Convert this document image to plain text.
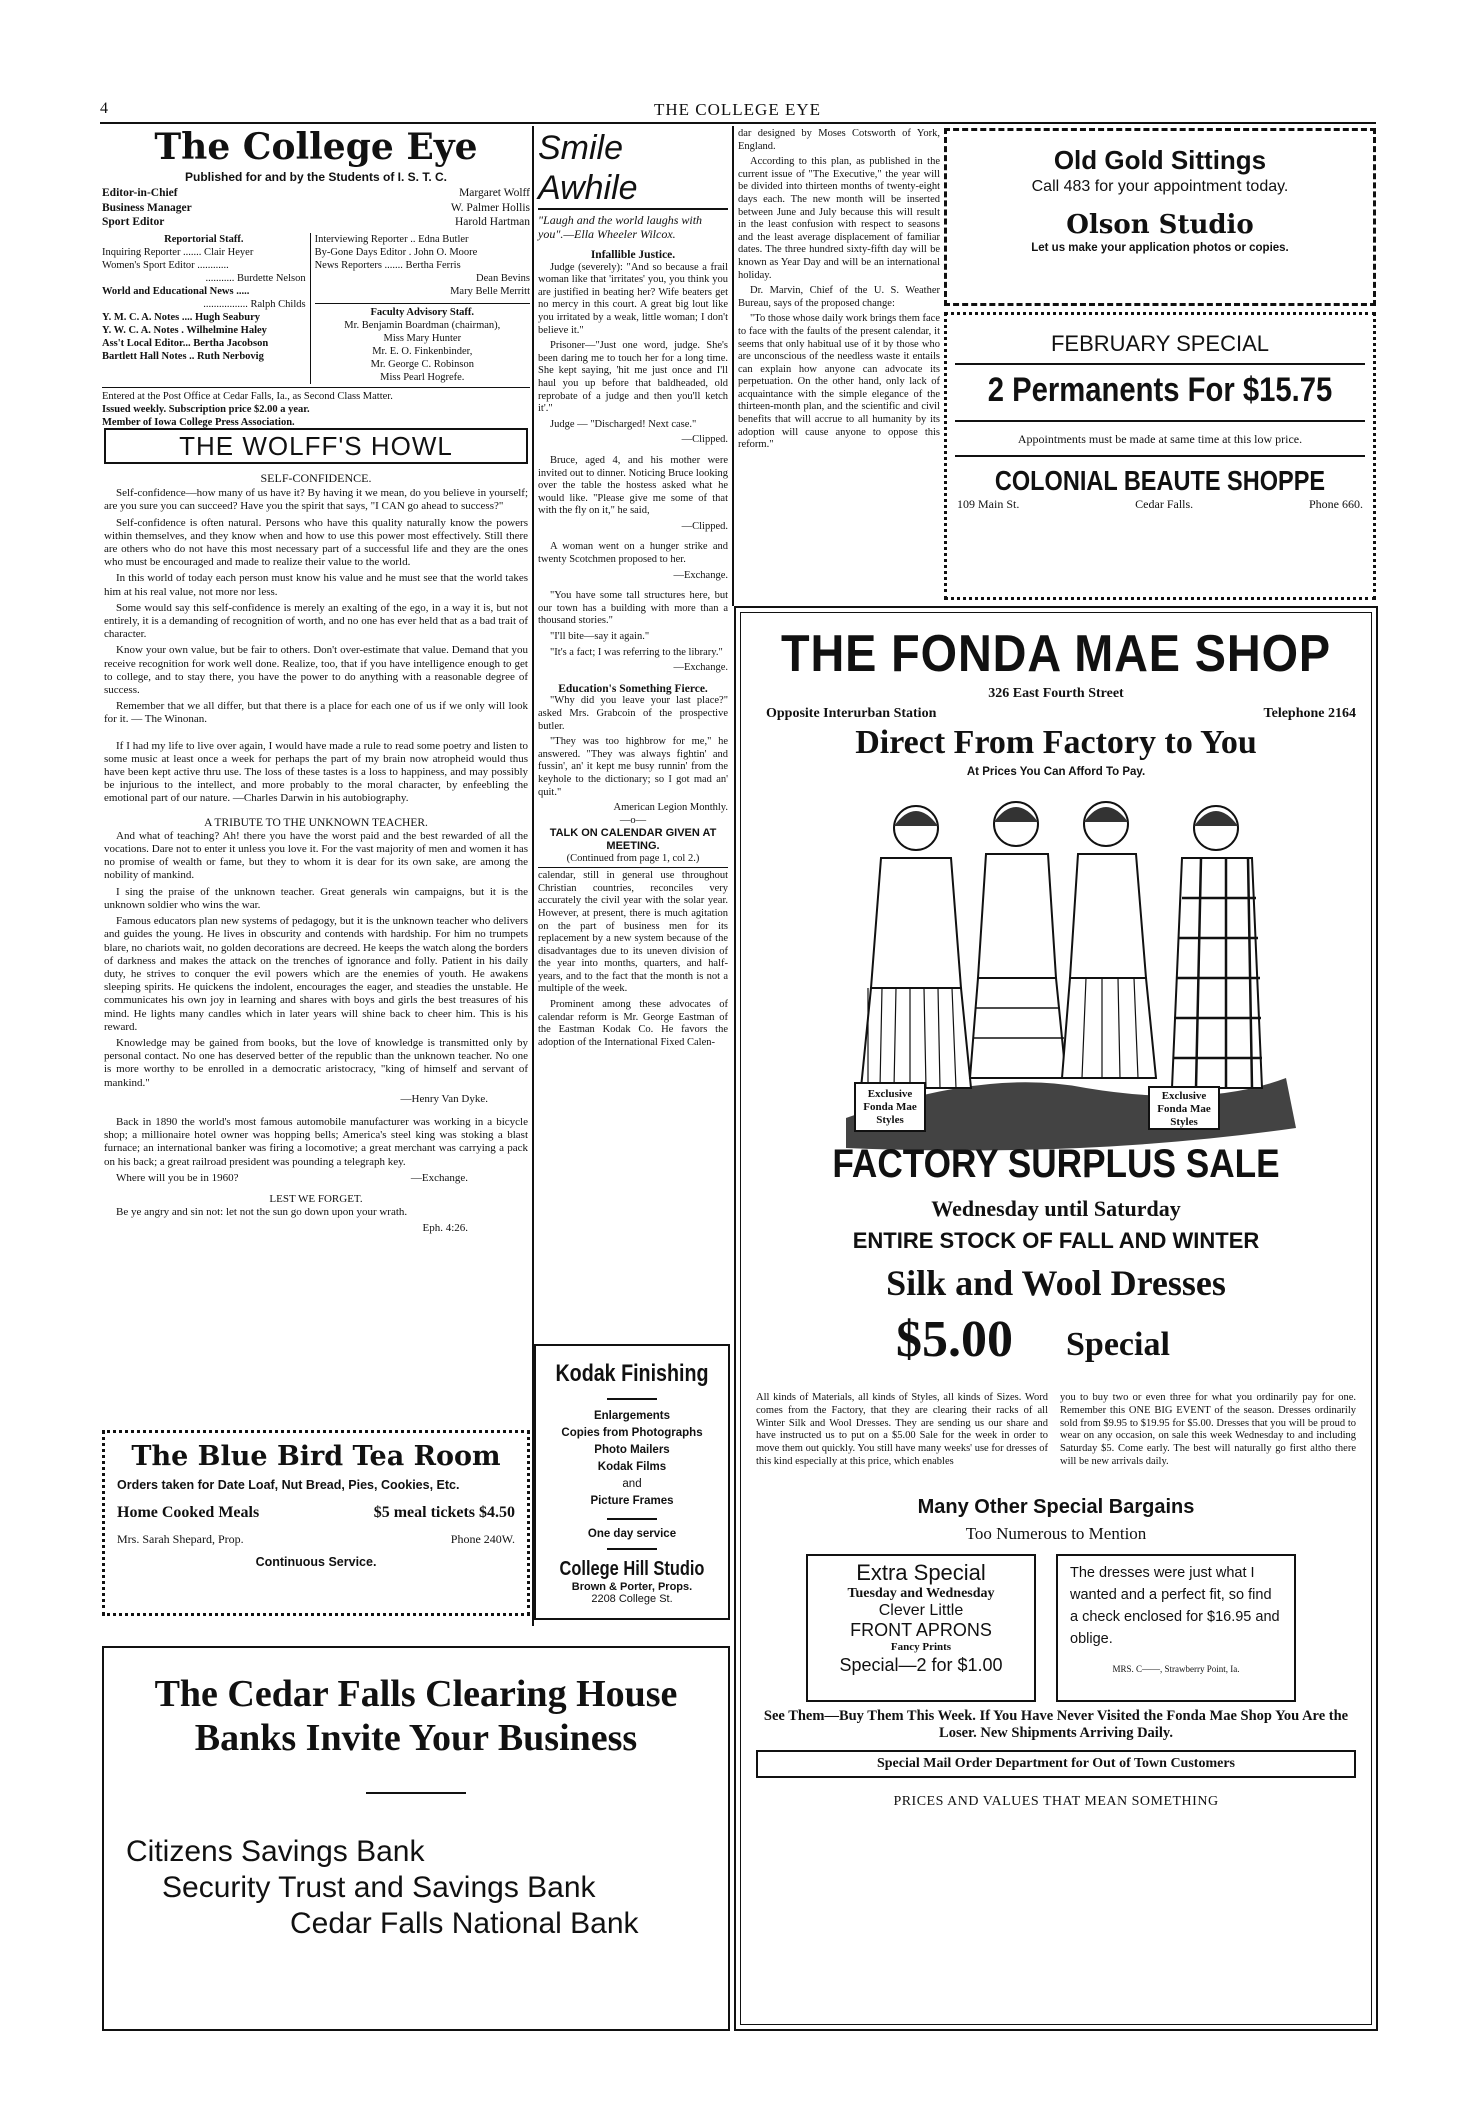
4	THE COLLEGE EYE
The College Eye
Published for and by the Students of I. S. T. C.
Editor-in-Chief	Margaret Wolff
Business Manager	W. Palmer Hollis
Sport Editor	Harold Hartman
Reportorial Staff.
Inquiring Reporter ....... Clair Heyer
Women's Sport Editor ............
........... Burdette Nelson
World and Educational News .....
................. Ralph Childs
Y. M. C. A. Notes .... Hugh Seabury
Y. W. C. A. Notes . Wilhelmine Haley
Ass't Local Editor... Bertha Jacobson
Bartlett Hall Notes .. Ruth Nerbovig
Interviewing Reporter .. Edna Butler
By-Gone Days Editor . John O. Moore
News Reporters ....... Bertha Ferris
Dean Bevins
Mary Belle Merritt
Faculty Advisory Staff.
Mr. Benjamin Boardman (chairman),
Miss Mary Hunter
Mr. E. O. Finkenbinder,
Mr. George C. Robinson
Miss Pearl Hogrefe.
Entered at the Post Office at Cedar Falls, Ia., as Second Class Matter.
Issued weekly. Subscription price $2.00 a year.
Member of Iowa College Press Association.
THE WOLFF'S HOWL
SELF-CONFIDENCE.

Self-confidence—how many of us have it? By having it we mean, do you believe in yourself; are you sure you can succeed? Have you the spirit that says, "I CAN go ahead to success?"

Self-confidence is often natural. Persons who have this quality naturally know the powers within themselves, and they know when and how to use this power most effectively. Still there are others who do not have this most necessary part of a successful life and they are the ones who must be encouraged and made to realize their value to the world.

In this world of today each person must know his value and he must see that the world takes him at his real value, not more nor less.

Some would say this self-confidence is merely an exalting of the ego, in a way it is, but not entirely, it is a demanding of recognition of worth, and no one has ever held that as a bad trait of character.

Know your own value, but be fair to others. Don't over-estimate that value. Demand that you receive recognition for work well done. Realize, too, that if you have intelligence enough to get to college, and to stay there, you have the power to do anything with a reasonable degree of success.

Remember that we all differ, but that there is a place for each one of us if we only will look for it. — The Winonan.

If I had my life to live over again, I would have made a rule to read some poetry and listen to some music at least once a week for perhaps the part of my brain now atropheid would thus have been kept active thru use. The loss of these tastes is a loss to happiness, and may possibly be injurious to the intellect, and more probably to the moral character, by enfeebling the emotional part of our nature. —Charles Darwin in his autobiography.

A TRIBUTE TO THE UNKNOWN TEACHER.

And what of teaching? Ah! there you have the worst paid and the best rewarded of all the vocations. Dare not to enter it unless you love it. For the vast majority of men and women it has no promise of wealth or fame, but they to whom it is dear for its own sake, are among the nobility of mankind.

I sing the praise of the unknown teacher. Great generals win campaigns, but it is the unknown soldier who wins the war.

Famous educators plan new systems of pedagogy, but it is the unknown teacher who delivers and guides the young. He lives in obscurity and contends with hardship. For him no trumpets blare, no chariots wait, no golden decorations are decreed. He keeps the watch along the borders of darkness and makes the attack on the trenches of ignorance and folly. Patient in his daily duty, he strives to conquer the evil powers which are the enemies of youth. He awakens sleeping spirits. He quickens the indolent, encourages the eager, and steadies the unstable. He communicates his own joy in learning and shares with boys and girls the best treasures of his mind. He lights many candles which in later years will shine back to cheer him. This is his reward.

Knowledge may be gained from books, but the love of knowledge is transmitted only by personal contact. No one has deserved better of the republic than the unknown teacher. No one is more worthy to be enrolled in a democratic aristocracy, "king of himself and servant of mankind."

—Henry Van Dyke.

Back in 1890 the world's most famous automobile manufacturer was working in a bicycle shop; a millionaire hotel owner was hopping bells; America's steel king was stoking a blast furnace; an international banker was firing a locomotive; a great merchant was carrying a pack on his back; a great railroad president was pounding a telegraph key.

Where will you be in 1960?	—Exchange.
LEST WE FORGET.

Be ye angry and sin not: let not the sun go down upon your wrath.

Eph. 4:26.
The Blue Bird Tea Room
Orders taken for Date Loaf, Nut Bread, Pies, Cookies, Etc.
Home Cooked Meals	$5 meal tickets $4.50
Mrs. Sarah Shepard, Prop.	Phone 240W.
Continuous Service.
Smile Awhile
"Laugh and the world laughs with you".—Ella Wheeler Wilcox.
Infallible Justice.

Judge (severely): "And so because a frail woman like that 'irritates' you, you think you are justified in beating her? Wife beaters get no mercy in this court. A great big lout like you irritated by a weak, little woman; I don't believe it."

Prisoner—"Just one word, judge. She's been daring me to touch her for a long time. She kept saying, 'hit me just once and I'll haul you up before that baldheaded, old reprobate of a judge and then you'll ketch it'."

Judge — "Discharged! Next case."

—Clipped.

Bruce, aged 4, and his mother were invited out to dinner. Noticing Bruce looking over the table the hostess asked what he would like. "Please give me some of that with the fly on it," he said,

—Clipped.

A woman went on a hunger strike and twenty Scotchmen proposed to her.

—Exchange.

"You have some tall structures here, but our town has a building with more than a thousand stories."

"I'll bite—say it again."

"It's a fact; I was referring to the library."

—Exchange.
Education's Something Fierce.

"Why did you leave your last place?" asked Mrs. Grabcoin of the prospective butler.

"They was too highbrow for me," he answered. "They was always fightin' and fussin', an' it kept me busy runnin' from the keyhole to the dictionary; so I got mad an' quit."

American Legion Monthly.
—o—
TALK ON CALENDAR GIVEN AT MEETING.
(Continued from page 1, col 2.)

calendar, still in general use throughout Christian countries, reconciles very accurately the civil year with the solar year. However, at present, there is much agitation on the part of business men for its replacement by a new system because of the disadvantages due to its uneven division of the year into months, quarters, and half-years, and to the fact that the month is not a multiple of the week.

Prominent among these advocates of calendar reform is Mr. George Eastman of the Eastman Kodak Co. He favors the adoption of the International Fixed Calen-

Kodak Finishing
Enlargements
Copies from Photographs
Photo Mailers
Kodak Films
and
Picture Frames
One day service
College Hill Studio
Brown & Porter, Props.
2208 College St.

dar designed by Moses Cotsworth of York, England.

According to this plan, as published in the current issue of "The Executive," the year will be divided into thirteen months of twenty-eight days each. The new month will be inserted between June and July because this will result in the least confusion with respect to seasons and the least average displacement of familiar dates. The three hundred sixty-fifth day will be known as Year Day and will be an international holiday.

Dr. Marvin, Chief of the U. S. Weather Bureau, says of the proposed change:

"To those whose daily work brings them face to face with the faults of the present calendar, it seems that only habitual use of it by those who are unconscious of the needless waste it entails can explain how anyone can advocate its perpetuation. On the other hand, only lack of acquaintance with the simple elegance of the thirteen-month plan, and the scientific and civil benefits that will accrue to all humanity by its adoption will cause anyone to oppose this reform."

Old Gold Sittings
Call 483 for your appointment today.
Olson Studio
Let us make your application photos or copies.
FEBRUARY SPECIAL
2 Permanents For $15.75
Appointments must be made at same time at this low price.
COLONIAL BEAUTE SHOPPE
109 Main St.	Cedar Falls.	Phone 660.
THE FONDA MAE SHOP
326 East Fourth Street
Opposite Interurban Station	Telephone 2164
Direct From Factory to You
At Prices You Can Afford To Pay.
Exclusive Fonda Mae Styles
Exclusive Fonda Mae Styles
FACTORY SURPLUS SALE
Wednesday until Saturday
ENTIRE STOCK OF FALL AND WINTER
Silk and Wool Dresses
$5.00 Special
All kinds of Materials, all kinds of Styles, all kinds of Sizes. Word comes from the Factory, that they are clearing their racks of all Winter Silk and Wool Dresses. They are sending us our share and have instructed us to put on a $5.00 Sale for the week in order to move them out quickly. You still have many weeks' use for dresses of this kind especially at this price, which enables
you to buy two or even three for what you ordinarily pay for one. Remember this ONE BIG EVENT of the season. Dresses ordinarily sold from $9.95 to $19.95 for $5.00. Dresses that you will be proud to wear on any occasion, on sale this week Wednesday to and including Saturday $5. Come early. The best will naturally go first altho there will be new arrivals daily.
Many Other Special Bargains
Too Numerous to Mention
Extra Special
Tuesday and Wednesday
Clever Little
FRONT APRONS
Fancy Prints
Special—2 for $1.00
The dresses were just what I wanted and a perfect fit, so find a check enclosed for $16.95 and oblige.
MRS. C——, Strawberry Point, Ia.
See Them—Buy Them This Week. If You Have Never Visited the Fonda Mae Shop You Are the Loser. New Shipments Arriving Daily.
Special Mail Order Department for Out of Town Customers
PRICES AND VALUES THAT MEAN SOMETHING
The Cedar Falls Clearing House
Banks Invite Your Business
Citizens Savings Bank
Security Trust and Savings Bank
Cedar Falls National Bank
